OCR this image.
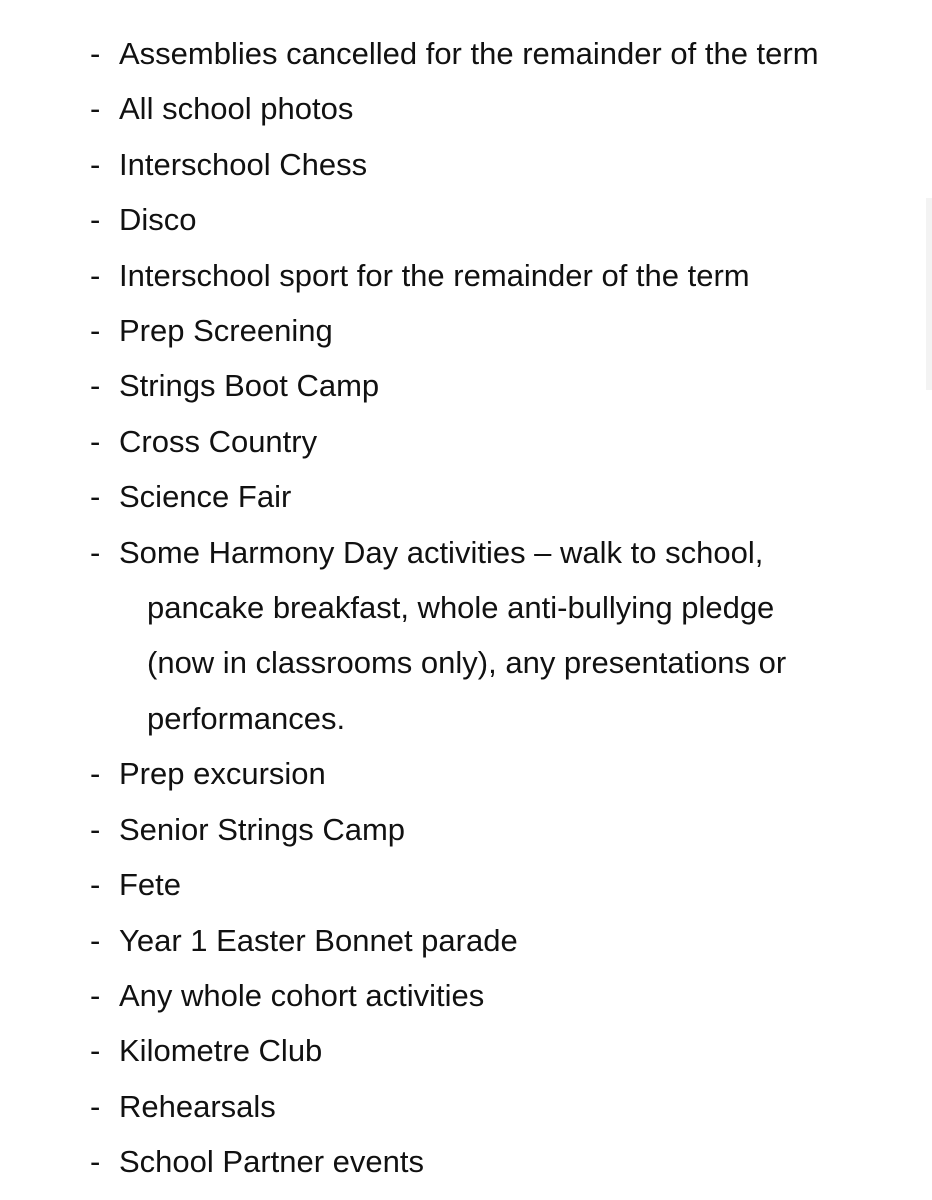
- Assemblies cancelled for the remainder of the term
- All school photos
- Interschool Chess
- Disco
- Interschool sport for the remainder of the term
- Prep Screening
- Strings Boot Camp
- Cross Country
- Science Fair
- Some Harmony Day activities – walk to school,
pancake breakfast, whole anti-bullying pledge
(now in classrooms only), any presentations or
performances.
- Prep excursion
- Senior Strings Camp
- Fete
- Year 1 Easter Bonnet parade
- Any whole cohort activities
- Kilometre Club
- Rehearsals
- School Partner events
